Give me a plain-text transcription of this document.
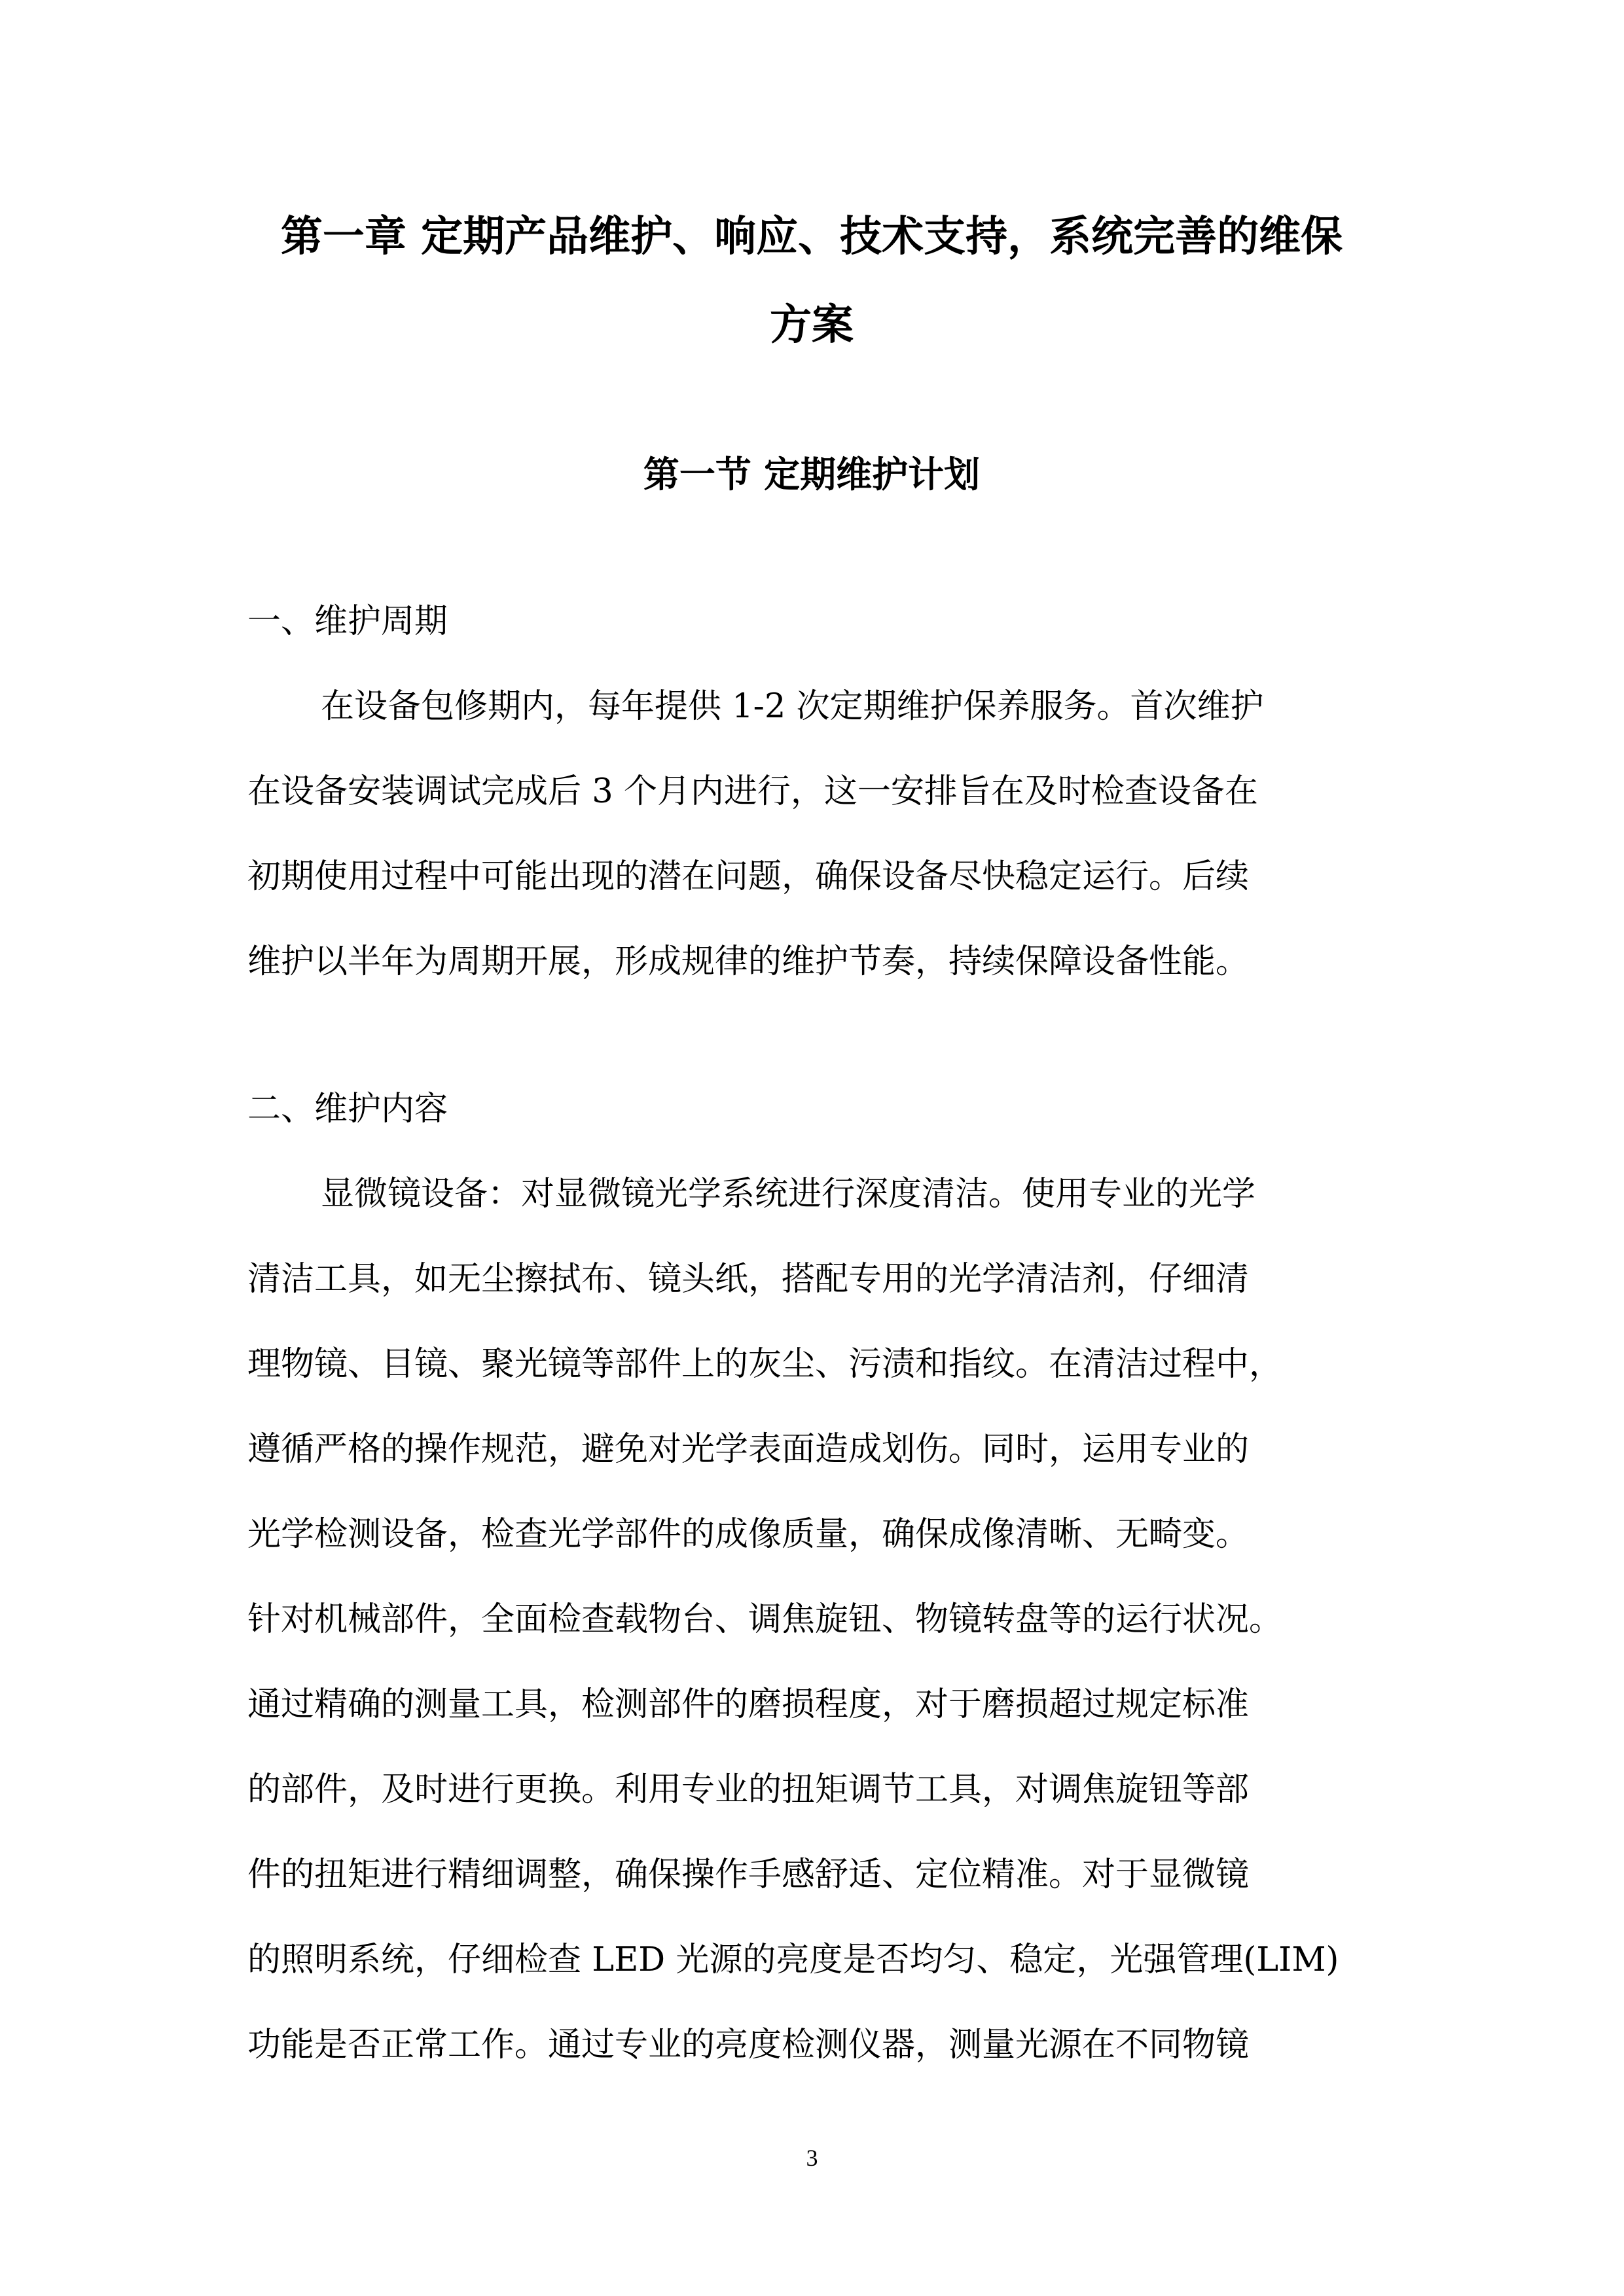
第一章 定期产品维护、响应、技术支持，系统完善的维保
方案
第一节 定期维护计划

一、维护周期

在设备包修期内，每年提供 1-2 次定期维护保养服务。首次维护

在设备安装调试完成后 3 个月内进行，这一安排旨在及时检查设备在

初期使用过程中可能出现的潜在问题，确保设备尽快稳定运行。后续

维护以半年为周期开展，形成规律的维护节奏，持续保障设备性能。

二、维护内容

显微镜设备：对显微镜光学系统进行深度清洁。使用专业的光学

清洁工具，如无尘擦拭布、镜头纸，搭配专用的光学清洁剂，仔细清

理物镜、目镜、聚光镜等部件上的灰尘、污渍和指纹。在清洁过程中，

遵循严格的操作规范，避免对光学表面造成划伤。同时，运用专业的

光学检测设备，检查光学部件的成像质量，确保成像清晰、无畸变。

针对机械部件，全面检查载物台、调焦旋钮、物镜转盘等的运行状况。

通过精确的测量工具，检测部件的磨损程度，对于磨损超过规定标准

的部件，及时进行更换。利用专业的扭矩调节工具，对调焦旋钮等部

件的扭矩进行精细调整，确保操作手感舒适、定位精准。对于显微镜

的照明系统，仔细检查 LED 光源的亮度是否均匀、稳定，光强管理(LIM)

功能是否正常工作。通过专业的亮度检测仪器，测量光源在不同物镜

3
